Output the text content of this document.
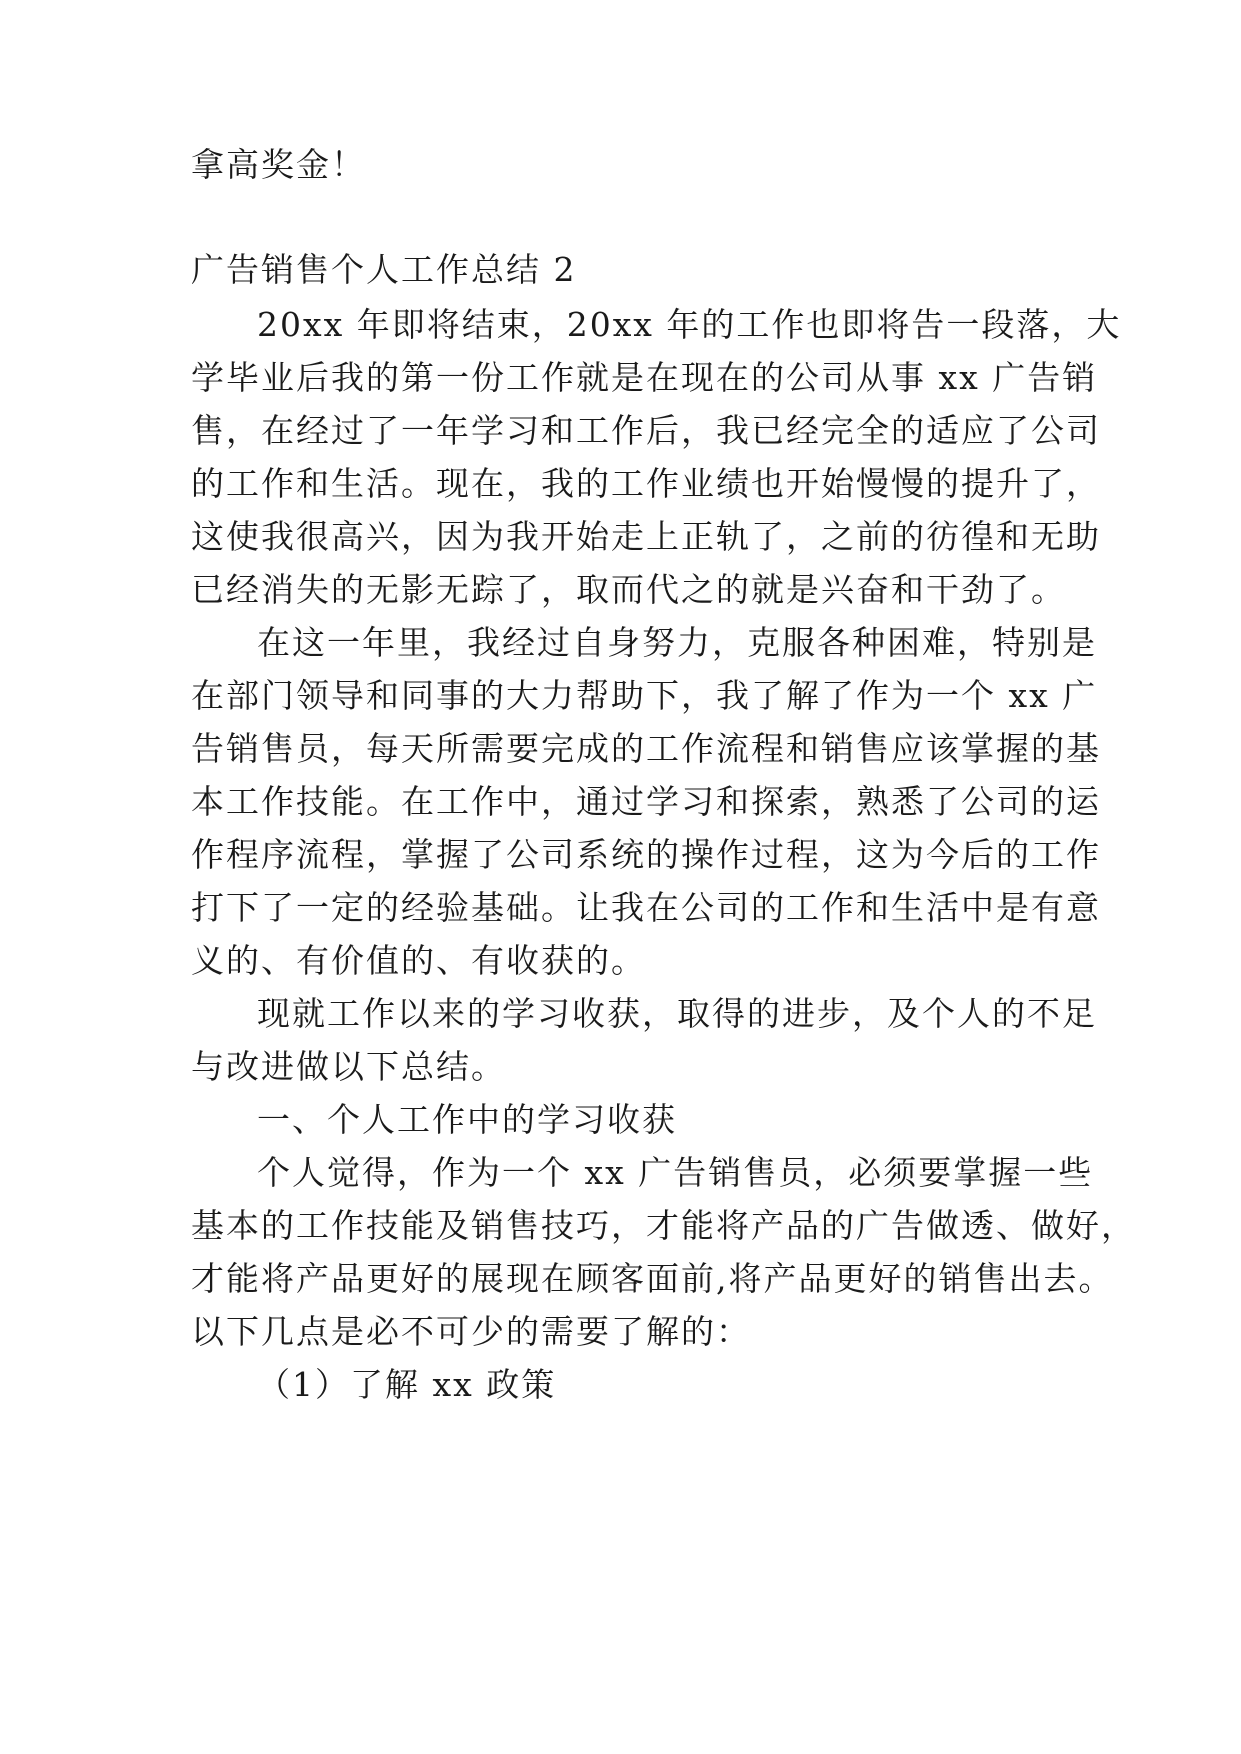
拿高奖金！
广告销售个人工作总结 2
20xx 年即将结束，20xx 年的工作也即将告一段落，大
学毕业后我的第一份工作就是在现在的公司从事 xx 广告销
售，在经过了一年学习和工作后，我已经完全的适应了公司
的工作和生活。现在，我的工作业绩也开始慢慢的提升了，
这使我很高兴，因为我开始走上正轨了，之前的彷徨和无助
已经消失的无影无踪了，取而代之的就是兴奋和干劲了。
在这一年里，我经过自身努力，克服各种困难，特别是
在部门领导和同事的大力帮助下，我了解了作为一个 xx 广
告销售员，每天所需要完成的工作流程和销售应该掌握的基
本工作技能。在工作中，通过学习和探索，熟悉了公司的运
作程序流程，掌握了公司系统的操作过程，这为今后的工作
打下了一定的经验基础。让我在公司的工作和生活中是有意
义的、有价值的、有收获的。
现就工作以来的学习收获，取得的进步，及个人的不足
与改进做以下总结。
一、个人工作中的学习收获
个人觉得，作为一个 xx 广告销售员，必须要掌握一些
基本的工作技能及销售技巧，才能将产品的广告做透、做好，
才能将产品更好的展现在顾客面前,将产品更好的销售出去。
以下几点是必不可少的需要了解的：
（1）了解 xx 政策
